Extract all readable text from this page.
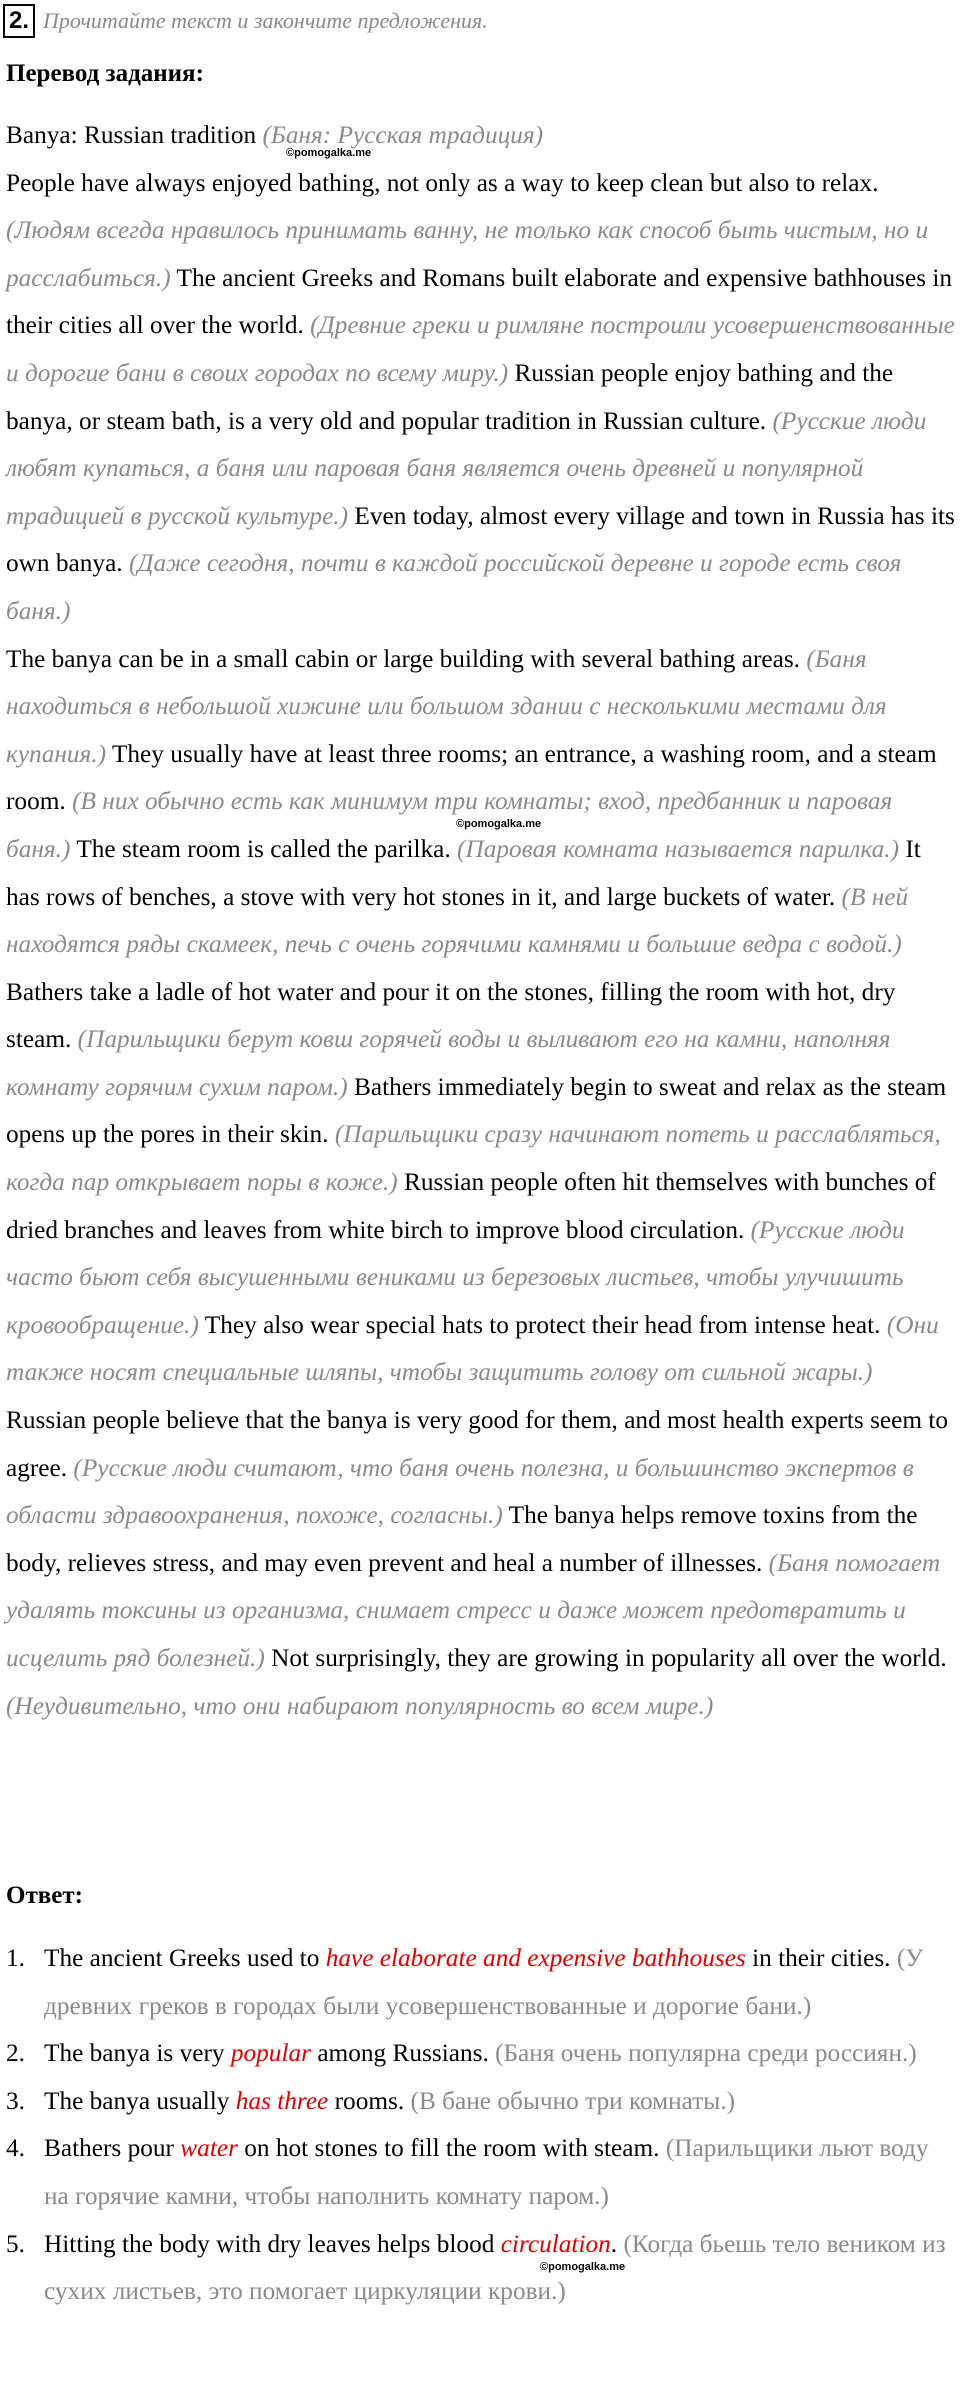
2. Прочитайте текст и закончите предложения.
Перевод задания:
Banya: Russian tradition (Баня: Русская традиция)
People have always enjoyed bathing, not only as a way to keep clean but also to relax. (Людям всегда нравилось принимать ванну, не только как способ быть чистым, но и расслабиться.) The ancient Greeks and Romans built elaborate and expensive bathhouses in their cities all over the world. (Древние греки и римляне построили усовершенствованные и дорогие бани в своих городах по всему миру.) Russian people enjoy bathing and the banya, or steam bath, is a very old and popular tradition in Russian culture. (Русские люди любят купаться, а баня или паровая баня является очень древней и популярной традицией в русской культуре.) Even today, almost every village and town in Russia has its own banya. (Даже сегодня, почти в каждой российской деревне и городе есть своя баня.)
The banya can be in a small cabin or large building with several bathing areas. (Баня находиться в небольшой хижине или большом здании с несколькими местами для купания.) They usually have at least three rooms; an entrance, a washing room, and a steam room. (В них обычно есть как минимум три комнаты; вход, предбанник и паровая баня.) The steam room is called the parilka. (Паровая комната называется парилка.) It has rows of benches, a stove with very hot stones in it, and large buckets of water. (В ней находятся ряды скамеек, печь с очень горячими камнями и большие ведра с водой.) Bathers take a ladle of hot water and pour it on the stones, filling the room with hot, dry steam. (Парильщики берут ковш горячей воды и выливают его на камни, наполняя комнату горячим сухим паром.) Bathers immediately begin to sweat and relax as the steam opens up the pores in their skin. (Парильщики сразу начинают потеть и расслабляться, когда пар открывает поры в коже.) Russian people often hit themselves with bunches of dried branches and leaves from white birch to improve blood circulation. (Русские люди часто бьют себя высушенными вениками из березовых листьев, чтобы улучишить кровообращение.) They also wear special hats to protect their head from intense heat. (Они также носят специальные шляпы, чтобы защитить голову от сильной жары.)
Russian people believe that the banya is very good for them, and most health experts seem to agree. (Русские люди считают, что баня очень полезна, и большинство экспертов в области здравоохранения, похоже, согласны.) The banya helps remove toxins from the body, relieves stress, and may even prevent and heal a number of illnesses. (Баня помогает удалять токсины из организма, снимает стресс и даже может предотвратить и исцелить ряд болезней.) Not surprisingly, they are growing in popularity all over the world. (Неудивительно, что они набирают популярность во всем мире.)
©pomogalka.me
©pomogalka.me
©pomogalka.me
Ответ:
1. The ancient Greeks used to have elaborate and expensive bathhouses in their cities. (У древних греков в городах были усовершенствованные и дорогие бани.)
2. The banya is very popular among Russians. (Баня очень популярна среди россиян.)
3. The banya usually has three rooms. (В бане обычно три комнаты.)
4. Bathers pour water on hot stones to fill the room with steam. (Парильщики льют воду на горячие камни, чтобы наполнить комнату паром.)
5. Hitting the body with dry leaves helps blood circulation. (Когда бьешь тело веником из сухих листьев, это помогает циркуляции крови.)
